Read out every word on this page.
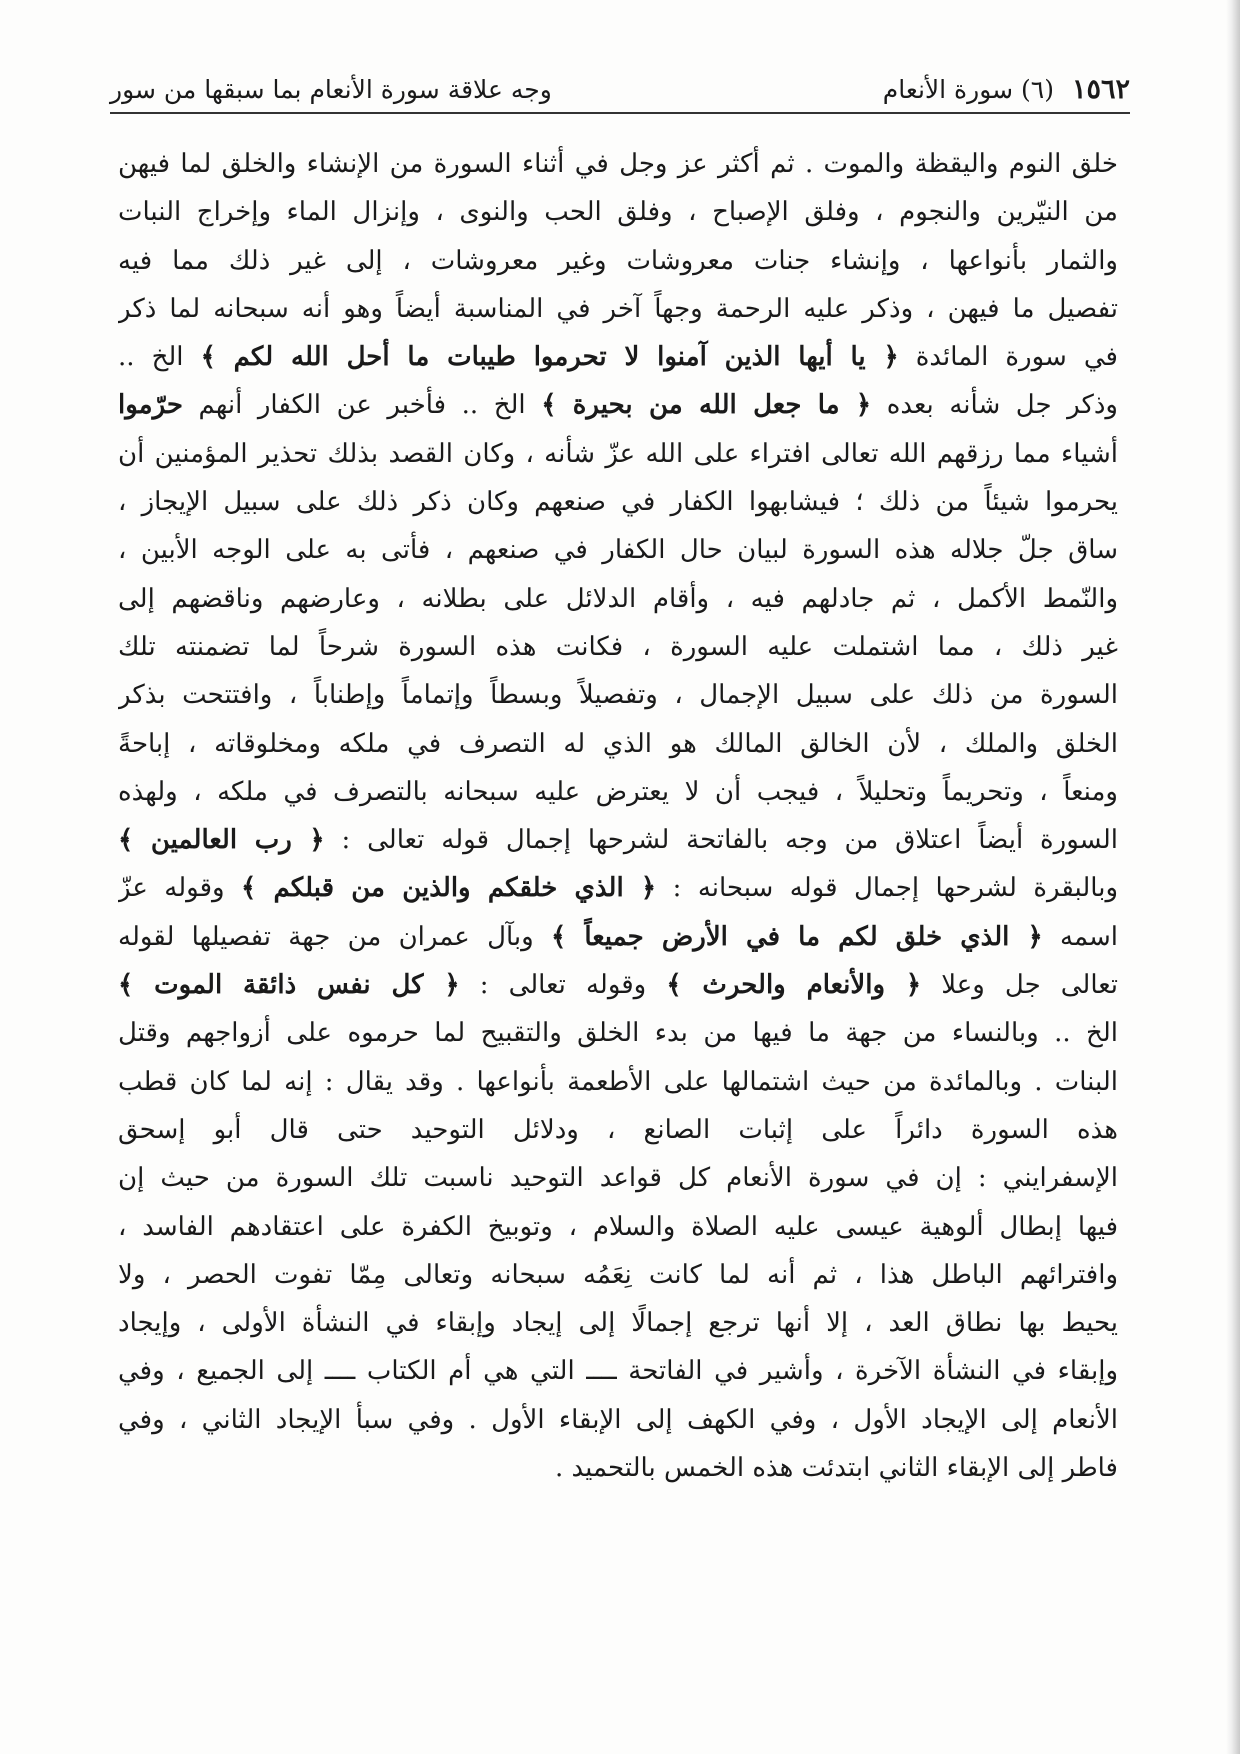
١٥٦٢
(٦) سورة الأنعام
وجه علاقة سورة الأنعام بما سبقها من سور
خلق النوم واليقظة والموت . ثم أكثر عز وجل في أثناء السورة من الإنشاء والخلق لما فيهن
من النيّرين والنجوم ، وفلق الإصباح ، وفلق الحب والنوى ، وإنزال الماء وإخراج النبات
والثمار بأنواعها ، وإنشاء جنات معروشات وغير معروشات ، إلى غير ذلك مما فيه
تفصيل ما فيهن ، وذكر عليه الرحمة وجهاً آخر في المناسبة أيضاً وهو أنه سبحانه لما ذكر
في سورة المائدة ﴿ يا أيها الذين آمنوا لا تحرموا طيبات ما أحل الله لكم ﴾ الخ ..
وذكر جل شأنه بعده ﴿ ما جعل الله من بحيرة ﴾ الخ .. فأخبر عن الكفار أنهم حرّموا
أشياء مما رزقهم الله تعالى افتراء على الله عزّ شأنه ، وكان القصد بذلك تحذير المؤمنين أن
يحرموا شيئاً من ذلك ؛ فيشابهوا الكفار في صنعهم وكان ذكر ذلك على سبيل الإيجاز ،
ساق جلّ جلاله هذه السورة لبيان حال الكفار في صنعهم ، فأتى به على الوجه الأبين ،
والنّمط الأكمل ، ثم جادلهم فيه ، وأقام الدلائل على بطلانه ، وعارضهم وناقضهم إلى
غير ذلك ، مما اشتملت عليه السورة ، فكانت هذه السورة شرحاً لما تضمنته تلك
السورة من ذلك على سبيل الإجمال ، وتفصيلاً وبسطاً وإتماماً وإطناباً ، وافتتحت بذكر
الخلق والملك ، لأن الخالق المالك هو الذي له التصرف في ملكه ومخلوقاته ، إباحةً
ومنعاً ، وتحريماً وتحليلاً ، فيجب أن لا يعترض عليه سبحانه بالتصرف في ملكه ، ولهذه
السورة أيضاً اعتلاق من وجه بالفاتحة لشرحها إجمال قوله تعالى : ﴿ رب العالمين ﴾
وبالبقرة لشرحها إجمال قوله سبحانه : ﴿ الذي خلقكم والذين من قبلكم ﴾ وقوله عزّ
اسمه ﴿ الذي خلق لكم ما في الأرض جميعاً ﴾ وبآل عمران من جهة تفصيلها لقوله
تعالى جل وعلا ﴿ والأنعام والحرث ﴾ وقوله تعالى : ﴿ كل نفس ذائقة الموت ﴾
الخ .. وبالنساء من جهة ما فيها من بدء الخلق والتقبيح لما حرموه على أزواجهم وقتل
البنات . وبالمائدة من حيث اشتمالها على الأطعمة بأنواعها . وقد يقال : إنه لما كان قطب
هذه السورة دائراً على إثبات الصانع ، ودلائل التوحيد حتى قال أبو إسحق
الإسفرايني : إن في سورة الأنعام كل قواعد التوحيد ناسبت تلك السورة من حيث إن
فيها إبطال ألوهية عيسى عليه الصلاة والسلام ، وتوبيخ الكفرة على اعتقادهم الفاسد ،
وافترائهم الباطل هذا ، ثم أنه لما كانت نِعَمُه سبحانه وتعالى مِمّا تفوت الحصر ، ولا
يحيط بها نطاق العد ، إلا أنها ترجع إجمالًا إلى إيجاد وإبقاء في النشأة الأولى ، وإيجاد
وإبقاء في النشأة الآخرة ، وأشير في الفاتحة ــــ التي هي أم الكتاب ــــ إلى الجميع ، وفي
الأنعام إلى الإيجاد الأول ، وفي الكهف إلى الإبقاء الأول . وفي سبأ الإيجاد الثاني ، وفي
فاطر إلى الإبقاء الثاني ابتدئت هذه الخمس بالتحميد .
